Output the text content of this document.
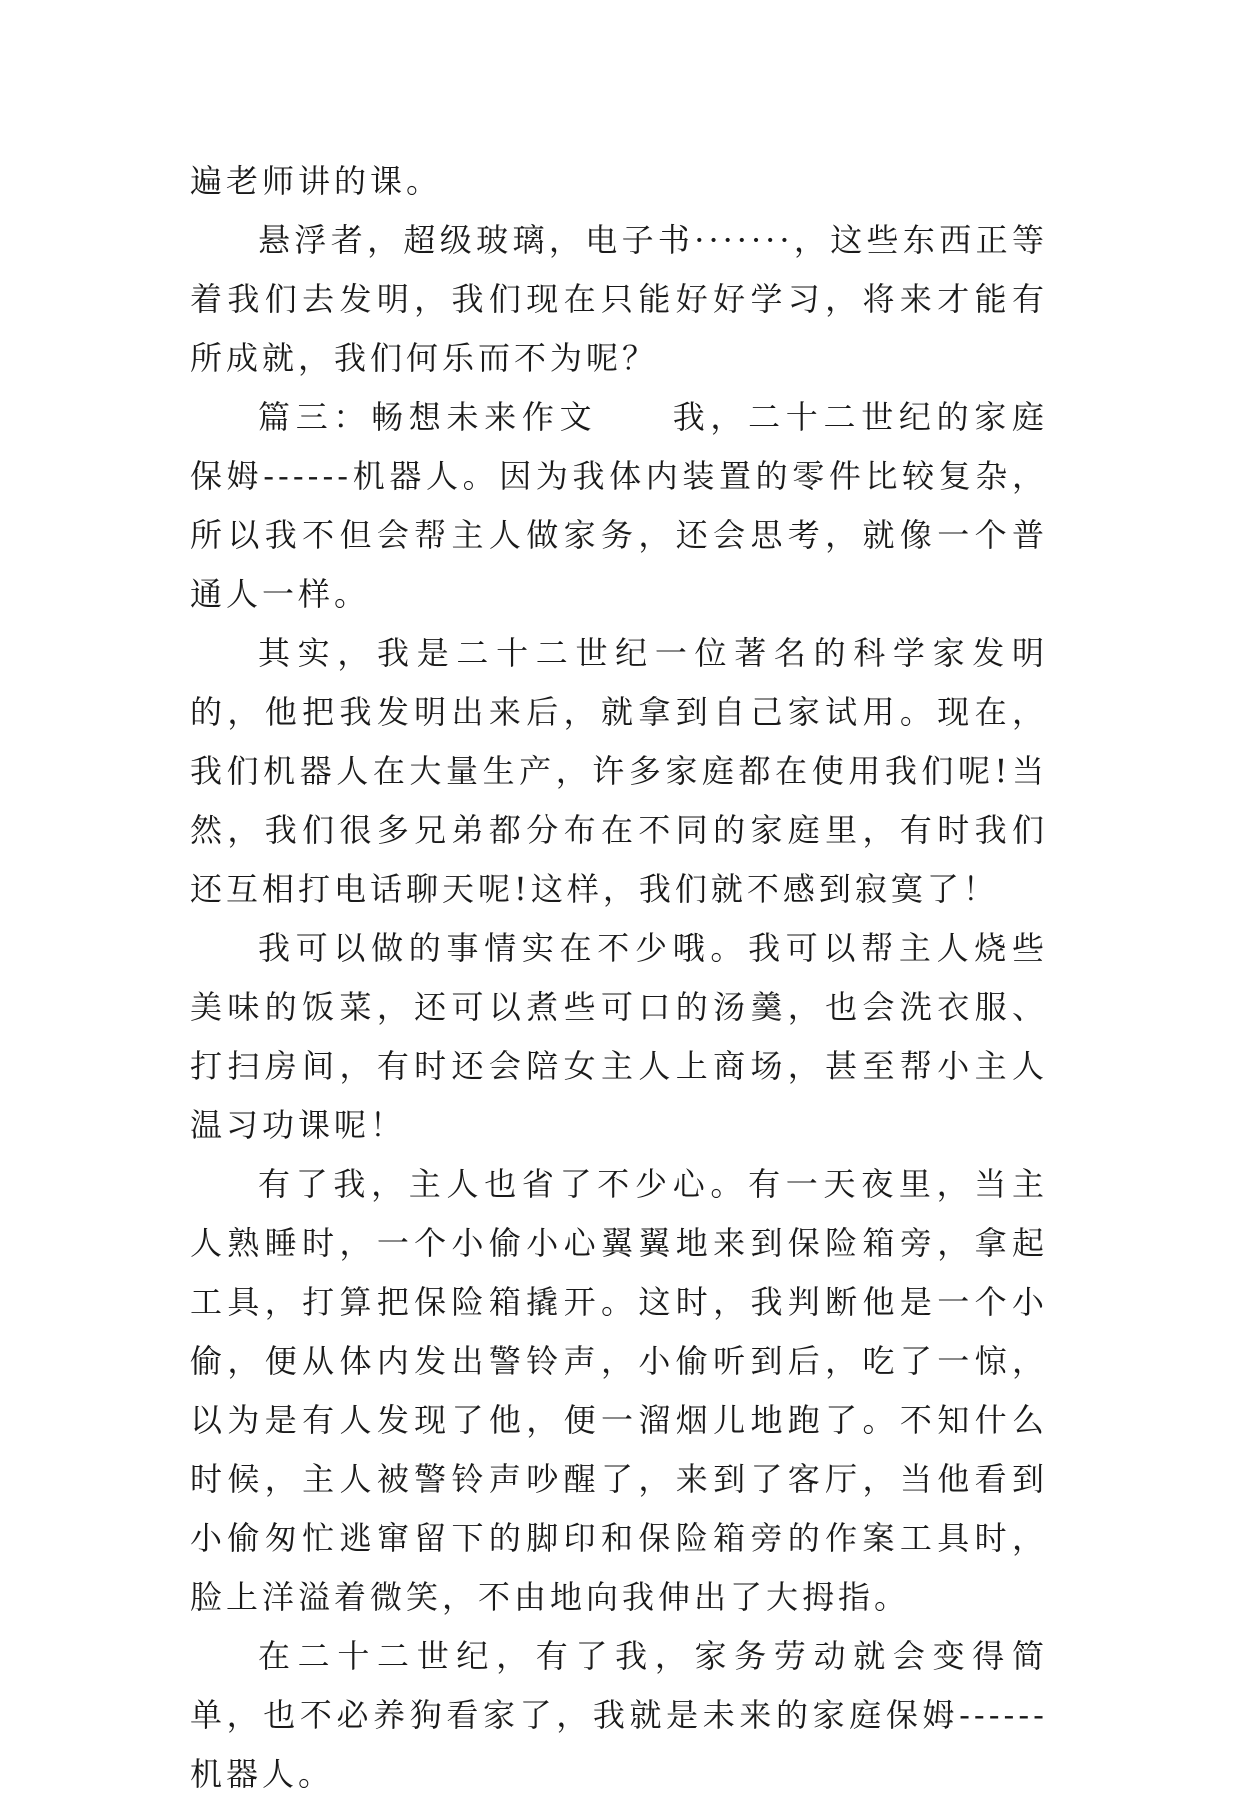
遍老师讲的课。

悬浮者，超级玻璃，电子书·······，这些东西正等着我们去发明，我们现在只能好好学习，将来才能有所成就，我们何乐而不为呢？

篇三：畅想未来作文　　我，二十二世纪的家庭保姆------机器人。因为我体内装置的零件比较复杂，所以我不但会帮主人做家务，还会思考，就像一个普通人一样。

其实，我是二十二世纪一位著名的科学家发明的，他把我发明出来后，就拿到自己家试用。现在，我们机器人在大量生产，许多家庭都在使用我们呢!当然，我们很多兄弟都分布在不同的家庭里，有时我们还互相打电话聊天呢!这样，我们就不感到寂寞了！

我可以做的事情实在不少哦。我可以帮主人烧些美味的饭菜，还可以煮些可口的汤羹，也会洗衣服、打扫房间，有时还会陪女主人上商场，甚至帮小主人温习功课呢！

有了我，主人也省了不少心。有一天夜里，当主人熟睡时，一个小偷小心翼翼地来到保险箱旁，拿起工具，打算把保险箱撬开。这时，我判断他是一个小偷，便从体内发出警铃声，小偷听到后，吃了一惊，以为是有人发现了他，便一溜烟儿地跑了。不知什么时候，主人被警铃声吵醒了，来到了客厅，当他看到小偷匆忙逃窜留下的脚印和保险箱旁的作案工具时，脸上洋溢着微笑，不由地向我伸出了大拇指。

在二十二世纪，有了我，家务劳动就会变得简单，也不必养狗看家了，我就是未来的家庭保姆------机器人。
